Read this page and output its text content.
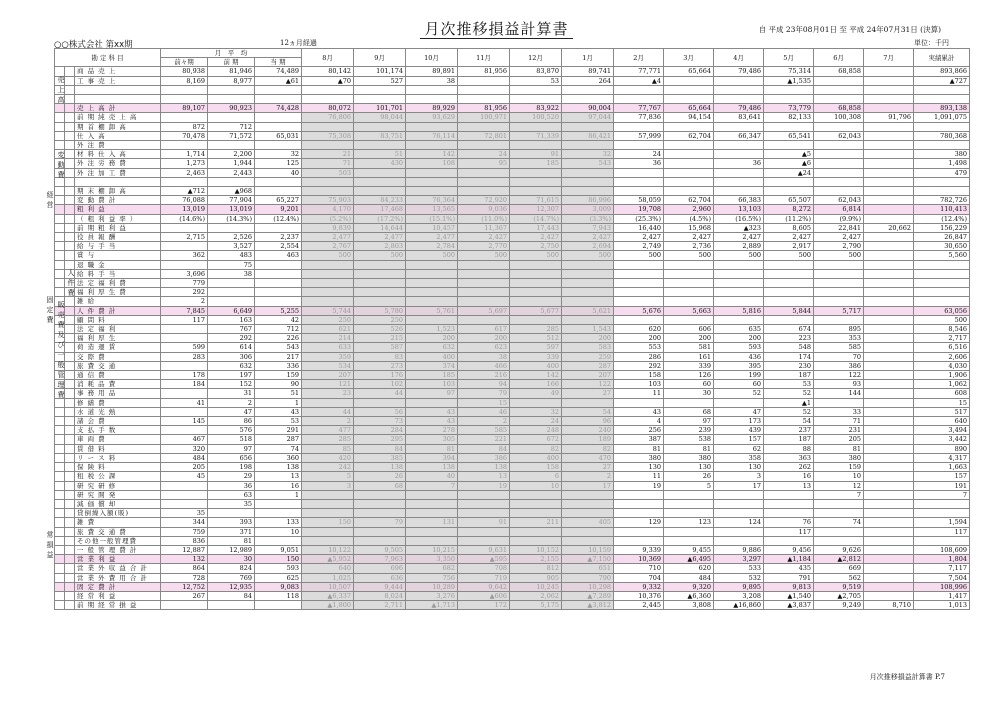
月次推移損益計算書	自 平成 23年08月01日 至 平成 24年07月31日 (決算)
○○株式会社 第xx期	12ヵ月経過	単位：千円
勘 定 科 目			月　平　均			8月	9月	10月	11月	12月	1月	2月	3月	4月	5月	6月	7月	実績累計
			前々期	前 期	当 期													
		商 品 売 上	80,938	81,946	74,489	80,142	101,174	89,891	81,956	83,870	89,741	77,771	65,664	79,486	75,314	68,858		893,866
		工 事 売 上	8,169	8,977	▲61	▲70	527	38		53	264	▲4			▲1,535			▲727

		売 上 高 計	89,107	90,923	74,428	80,072	101,701	89,929	81,956	83,922	90,004	77,767	65,664	79,486	73,779	68,858		893,138
		前 期 純 売 上 高				76,806	98,044	93,629	100,971	100,520	97,044	77,836	94,154	83,641	82,133	100,308	91,796	1,091,075
		期 首 棚 卸 高	872	712														
		仕 入 高	70,478	71,572	65,031	75,308	83,751	76,114	72,801	71,339	86,421	57,999	62,704	66,347	65,541	62,043		780,368
		外 注 費																
		材 料 仕 入 高	1,714	2,200	32	21	51	142	24	91	32	24			▲5			380
		外 注 労 務 費	1,273	1,944	125	71	430	108	95	185	543	36		36	▲6			1,498
		外 注 加 工 費	2,463	2,443	40	503									▲24			479

		期 末 棚 卸 高	▲712	▲968														
		変 動 費 計	76,088	77,904	65,227	75,903	84,233	76,364	72,920	71,615	86,996	58,059	62,704	66,383	65,507	62,043		782,726
		粗 利 益	13,019	13,019	9,201	4,170	17,468	13,565	9,036	12,307	3,009	19,708	2,960	13,103	8,272	6,814		110,413
		（ 粗 利 益 率 ）	(14.6%)	(14.3%)	(12.4%)	(5.2%)	(17.2%)	(15.1%)	(11.0%)	(14.7%)	(3.3%)	(25.3%)	(4.5%)	(16.5%)	(11.2%)	(9.9%)		(12.4%)
		前 期 粗 利 益				9,839	14,644	10,457	11,367	17,443	7,943	16,440	15,968	▲323	8,605	22,841	20,662	156,229
		役 員 報 酬	2,715	2,526	2,237	2,477	2,477	2,477	2,427	2,427	2,427	2,427	2,427	2,427	2,427	2,427		26,847
		給 与 手 当		3,527	2,554	2,767	2,803	2,784	2,770	2,750	2,694	2,749	2,736	2,889	2,917	2,790		30,650
		賞 与	362	483	463	500	500	500	500	500	500	500	500	500	500	500		5,560
		退 職 金		75														
		給 料 手 当	3,696	38														
		法 定 福 利 費	779															
		福 利 厚 生 費	292															
		雑 給	2															
		人 件 費 計	7,845	6,649	5,255	5,744	5,780	5,761	5,697	5,677	5,621	5,676	5,663	5,816	5,844	5,717		63,056
		顧 問 料	117	163	42	250	250											500
		法 定 福 利		767	712	621	526	1,523	617	285	1,543	620	606	635	674	895		8,546
		福 利 厚 生		292	226	214	215	200	200	512	200	200	200	200	223	353		2,717
		荷 造 運 賃	599	614	543	633	587	632	623	597	583	553	581	593	548	585		6,516
		交 際 費	283	306	217	359	83	400	38	339	259	286	161	436	174	70		2,606
		旅 費 交 通		632	336	534	273	374	466	400	287	292	339	395	230	386		4,030
		通 信 費	178	197	159	207	176	185	216	142	207	158	126	199	187	122		1,906
		消 耗 品 費	184	152	90	121	102	103	94	166	122	103	60	60	53	93		1,062
		事 務 用 品		31	51	23	44	97	79	49	27	11	30	52	52	144		608
		修 繕 費	41	2	1				15						▲1			15
		水 道 光 熱		47	43	44	56	43	46	32	54	43	68	47	52	33		517
		諸 会 費	145	86	53	2	73	43	2	24	96	4	97	173	54	71		640
		支 払 手 数		576	291	477	284	278	585	248	240	256	239	439	237	231		3,494
		車 両 費	467	518	287	285	295	305	221	672	189	387	538	157	187	205		3,442
		賃 借 料	320	97	74	85	84	81	84	82	82	81	81	62	88	81		890
		リ ー ス 料	484	656	360	420	385	394	386	400	470	380	380	358	363	380		4,317
		保 険 料	205	198	138	242	138	138	138	158	27	130	130	130	262	159		1,663
		租 税 公 課	45	29	13	5	26	40	13	6	2	11	26	3	16	10		157
		研 究 研 修		36	16	3	68	7	19	10	17	19	5	17	13	12		191
		研 究 開 発		63	1											7		7
		減 価 償 却		35														
		貸倒繰入額(販)	35															
		雑 費	344	393	133	150	79	131	91	211	405	129	123	124	76	74		1,594
		旅 費 交 通 費	759	371	10										117			117
		その他一般管理費	836	81														
		一 般 管 理 費 計	12,887	12,989	9,051	10,122	9,505	10,215	9,631	10,152	10,159	9,339	9,455	9,886	9,456	9,626		108,609
		営 業 利 益	132	30	150	▲5,952	7,963	3,350	▲595	2,155	▲7,150	10,369	▲6,495	3,297	▲1,184	▲2,812		1,804
		営 業 外 収 益 合 計	864	824	593	640	696	682	708	812	651	710	620	533	435	669		7,117
		営 業 外 費 用 合 計	728	769	625	1,025	636	756	719	905	790	704	484	532	791	562		7,504
		固 定 費 計	12,752	12,935	9,083	10,507	9,444	10,289	9,642	10,245	10,298	9,332	9,320	9,895	9,813	9,519		108,996
		経 常 利 益	267	84	118	▲6,337	8,024	3,276	▲606	2,062	▲7,289	10,376	▲6,360	3,208	▲1,540	▲2,705		1,417
		前 期 経 常 損 益				▲1,800	2,711	▲1,713	172	5,175	▲3,812	2,445	3,808	▲16,860	▲3,837	9,249	8,710	1,013
経営
売上高
変動費
固定費
販売費及び一般管理費
常損益
人件費
月次推移損益計算書 P.7
